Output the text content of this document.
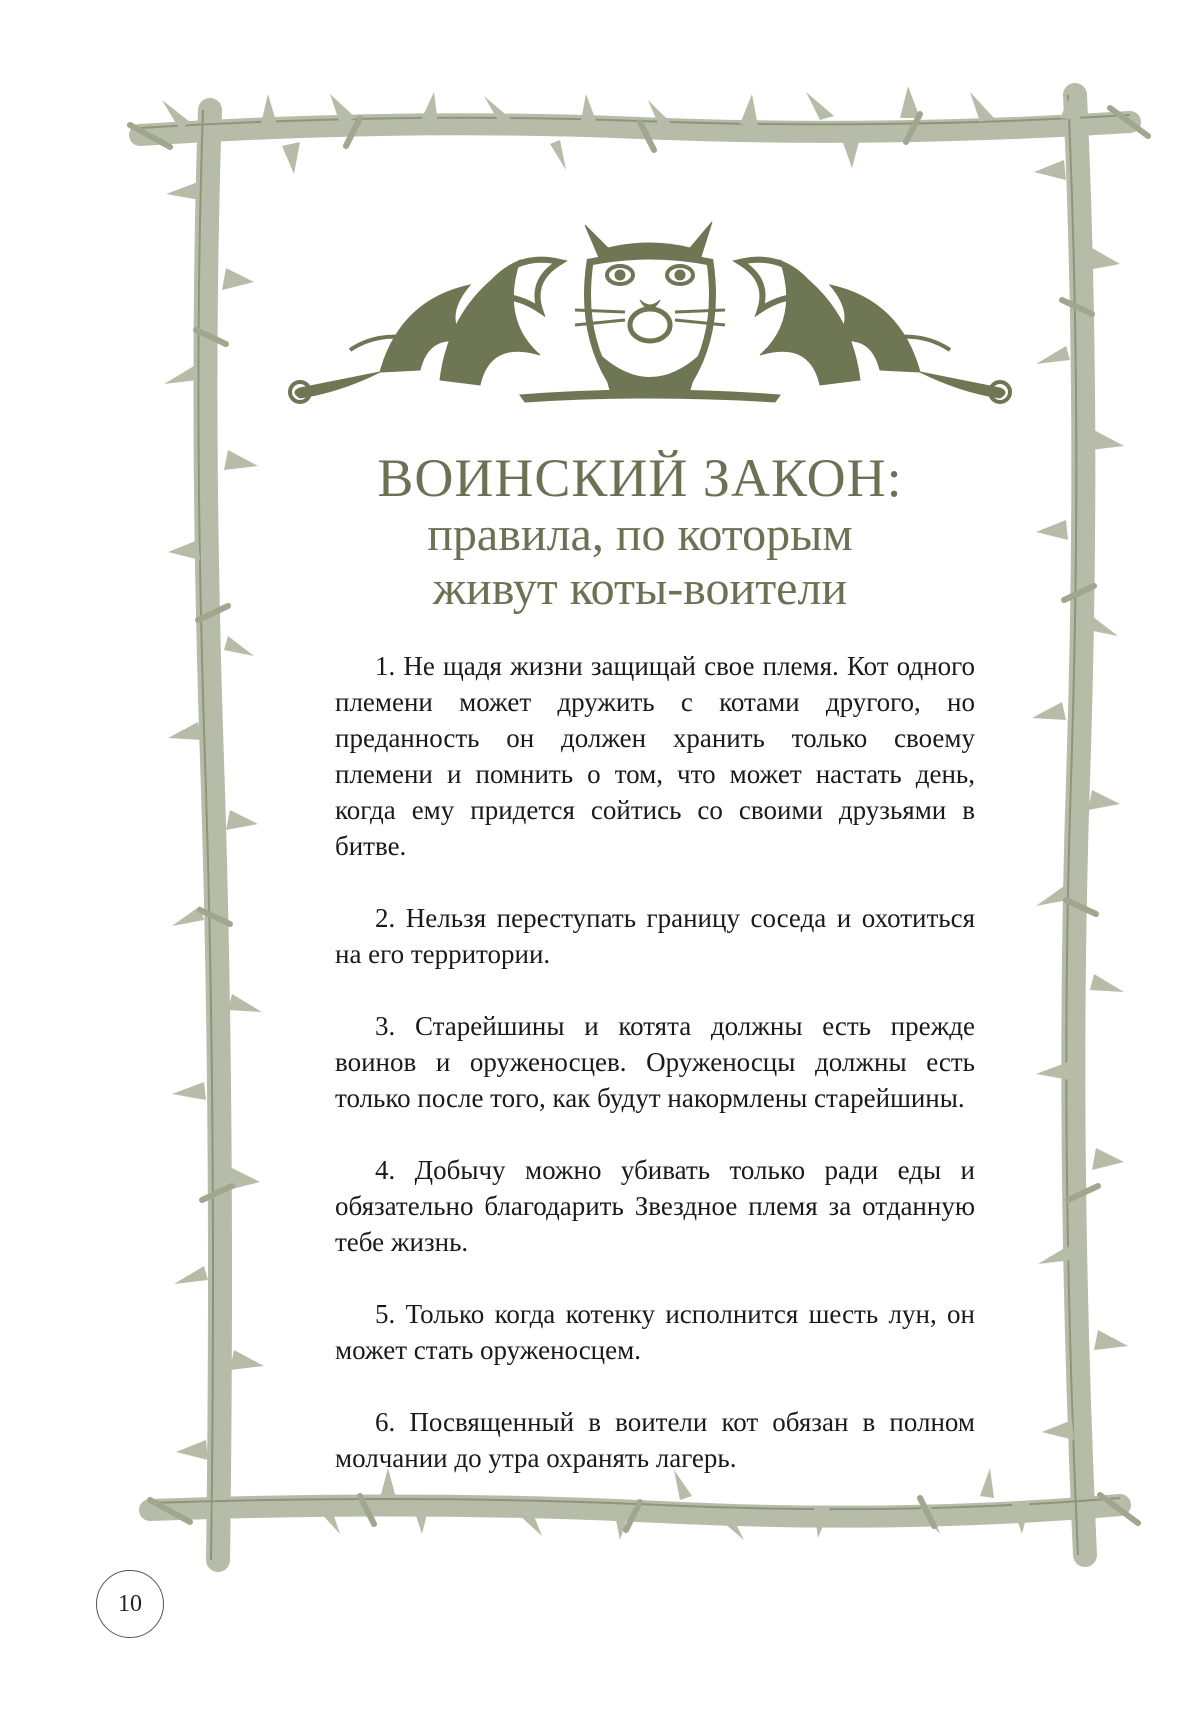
ВОИНСКИЙ ЗАКОН:
правила, по которым
живут коты-воители

1. Не щадя жизни защищай свое племя. Кот одного племени может дружить с котами другого, но преданность он должен хранить только своему племени и помнить о том, что может настать день, когда ему придется сойтись со своими друзьями в битве.

2. Нельзя переступать границу соседа и охотиться на его территории.

3. Старейшины и котята должны есть прежде воинов и оруженосцев. Оруженосцы должны есть только после того, как будут накормлены старейшины.

4. Добычу можно убивать только ради еды и обязательно благодарить Звездное племя за отданную тебе жизнь.

5. Только когда котенку исполнится шесть лун, он может стать оруженосцем.

6. Посвященный в воители кот обязан в полном молчании до утра охранять лагерь.

10
